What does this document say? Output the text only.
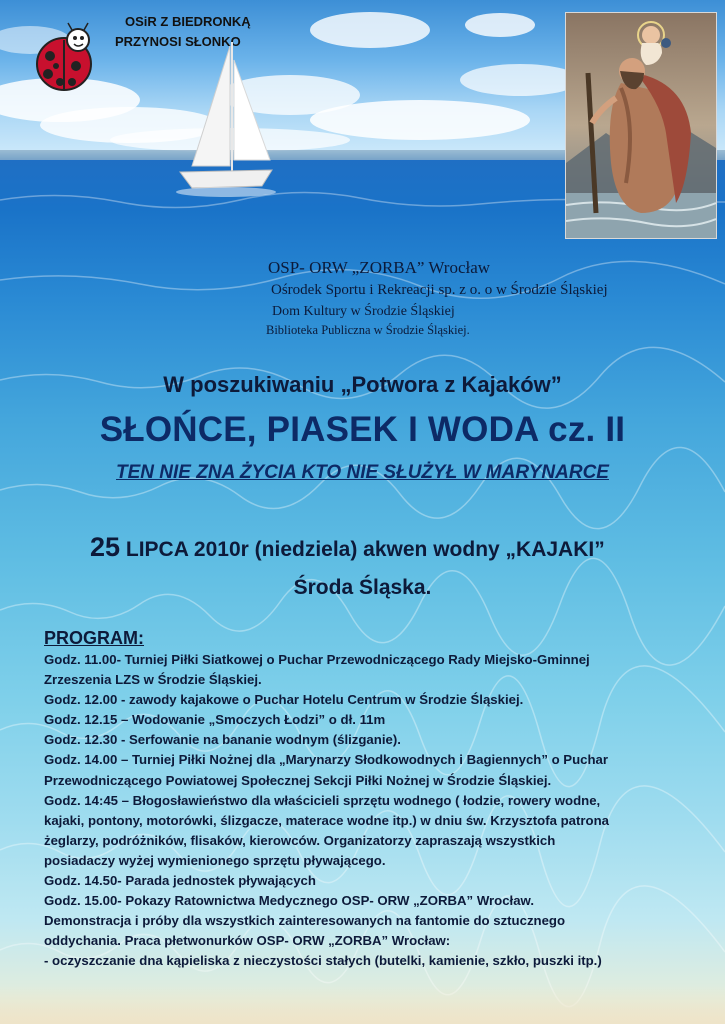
OSiR Z BIEDRONKĄ
PRZYNOSI SŁONKO
OSP- ORW „ZORBA” Wrocław
Ośrodek Sportu i Rekreacji sp. z o. o w Środzie Śląskiej
Dom Kultury w Środzie Śląskiej
Biblioteka Publiczna w Środzie Śląskiej.
W poszukiwaniu „Potwora z Kajaków”
SŁOŃCE, PIASEK I WODA cz. II
TEN NIE ZNA ŻYCIA KTO NIE SŁUŻYŁ W MARYNARCE
25 LIPCA 2010r (niedziela) akwen wodny „KAJAKI”
Środa Śląska.
PROGRAM:
Godz. 11.00- Turniej Piłki Siatkowej o Puchar Przewodniczącego Rady Miejsko-Gminnej
Zrzeszenia LZS w Środzie Śląskiej.
Godz. 12.00 - zawody kajakowe o Puchar Hotelu Centrum w Środzie Śląskiej.
Godz. 12.15 – Wodowanie „Smoczych Łodzi” o dł. 11m
Godz. 12.30 - Serfowanie na bananie wodnym (ślizganie).
Godz. 14.00 – Turniej Piłki Nożnej dla „Marynarzy Słodkowodnych i Bagiennych” o Puchar
Przewodniczącego Powiatowej Społecznej Sekcji Piłki Nożnej w Środzie Śląskiej.
Godz. 14:45 – Błogosławieństwo dla właścicieli sprzętu wodnego ( łodzie, rowery wodne,
kajaki, pontony, motorówki, ślizgacze, materace wodne itp.) w dniu św. Krzysztofa patrona
żeglarzy, podróżników, flisaków, kierowców. Organizatorzy zapraszają wszystkich
posiadaczy wyżej wymienionego sprzętu pływającego.
Godz. 14.50- Parada jednostek pływających
Godz. 15.00- Pokazy Ratownictwa Medycznego OSP- ORW „ZORBA” Wrocław.
Demonstracja i próby dla wszystkich zainteresowanych na fantomie do sztucznego
oddychania. Praca płetwonurków OSP- ORW „ZORBA” Wrocław:
- oczyszczanie dna kąpieliska z nieczystości stałych (butelki, kamienie, szkło, puszki itp.)
